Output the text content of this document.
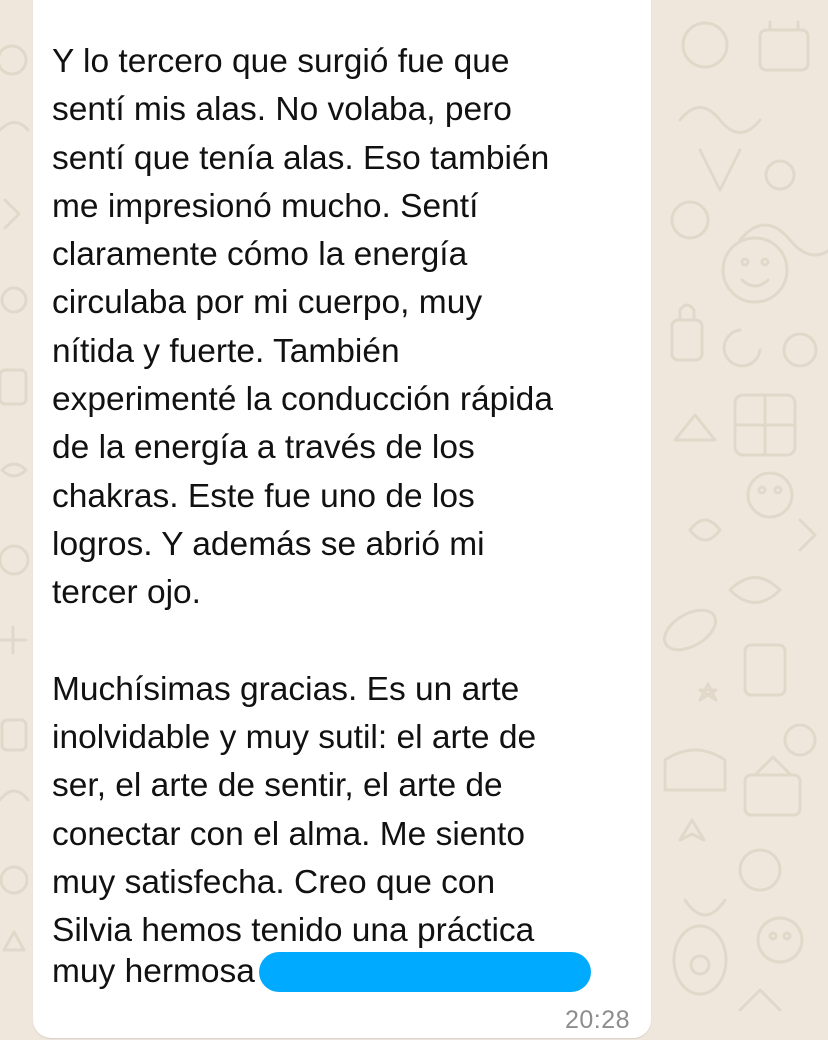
Y lo tercero que surgió fue que
sentí mis alas. No volaba, pero
sentí que tenía alas. Eso también
me impresionó mucho. Sentí
claramente cómo la energía
circulaba por mi cuerpo, muy
nítida y fuerte. También
experimenté la conducción rápida
de la energía a través de los
chakras. Este fue uno de los
logros. Y además se abrió mi
tercer ojo.

Muchísimas gracias. Es un arte
inolvidable y muy sutil: el arte de
ser, el arte de sentir, el arte de
conectar con el alma. Me siento
muy satisfecha. Creo que con
Silvia hemos tenido una práctica

muy hermosa
20:28
